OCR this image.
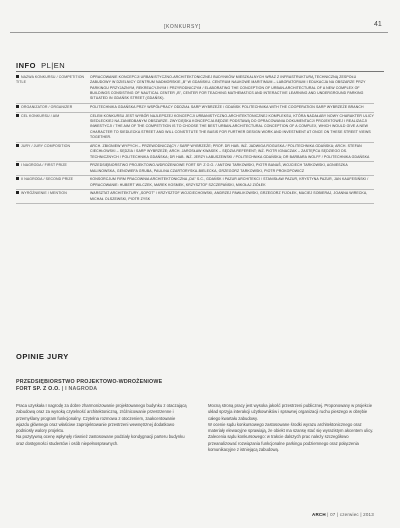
[KONKURSY]	41
INFO PL|EN
NAZWA KONKURSU / COMPETITION TITLE	OPRACOWANIE KONCEPCJI URBANISTYCZNO-ARCHITEKTONICZNEJ BUDYNKÓW MIESZKALNYCH WRAZ Z INFRASTRUKTURĄ TECHNICZNĄ ZESPOŁU ZABUDOWY W DZIELNICY CENTRUM NADMORSKIE „B” W GDAŃSKU. CENTRUM NAUKOWE MARITIMUM – LABORATORIUM I EDUKACJA NA OBSZARZE PRZY PARKINGU PRZYJAZNYM, REKREACYJNYM I PRZYRODNICZYM / ELABORATING THE CONCEPTION OF URBAN-ARCHITECTURAL OF A NEW COMPLEX OF BUILDINGS CONSISTING OF NAUTICAL CENTER „B”, CENTER FOR TEACHING MATHEMATICS AND INTERACTIVE LEARNING AND UNDERGROUND PARKING SITUATED IN GDAŃSK STREET (GDAŃSK).
ORGANIZATOR / ORGANIZER	POLITECHNIKA GDAŃSKA PRZY WSPÓŁPRACY ODDZIAŁ SARP WYBRZEŻE / GDAŃSK POLITECHNIKA WITH THE COOPERATION SARP WYBRZEŻE BRANCH
CEL KONKURSU / AIM	CELEM KONKURSU JEST WYBÓR NAJLEPSZEJ KONCEPCJI URBANISTYCZNO-ARCHITEKTONICZNEJ KOMPLEKSU, KTÓRA NADAŁABY NOWY CHARAKTER ULICY SIEDLECKIEJ NA ZANIEDBANYM OBSZARZE. ZWYCIĘSKA KONCEPCJA BĘDZIE PODSTAWĄ DO OPRACOWANIA DOKUMENTACJI PROJEKTOWEJ I REALIZACJI INWESTYCJI / THE AIM OF THE COMPETITION IS TO CHOOSE THE BEST URBAN-ARCHITECTURAL CONCEPTION OF A COMPLEX, WHICH WOULD GIVE A NEW CHARACTER TO SIEDLECKA STREET AND WILL CONSTITUTE THE BASIS FOR FURTHER DESIGN WORK AND INVESTMENT AT ONCE ON THESE STREET VIEWS TOGETHER.
JURY / JURY COMPOSITION	ARCH. ZBIGNIEW WYPYCH – PRZEWODNICZĄCY / SARP WYBRZEŻE; PROF. DR HAB. INŻ. JADWIGA ROGUSKA / POLITECHNIKA GDAŃSKA; ARCH. STEFAN CIECHŁOWSKI – SĘDZIA / SARP WYBRZEŻE; ARCH. JAROSŁAW KWASEK – SĘDZIA REFERENT; INŻ. PIOTR IGNACZAK – ZASTĘPCA SĘDZIEGO DS. TECHNICZNYCH / POLITECHNIKA GDAŃSKA; DR HAB. INŻ. JERZY ŁABUSZEWSKI / POLITECHNIKA GDAŃSKA; DR BARBARA WOLFF / POLITECHNIKA GDAŃSKA
I NAGRODA / FIRST PRIZE	PRZEDSIĘBIORSTWO PROJEKTOWO-WDROŻENIOWE FORT SP. Z O.O. / ANTONI TARKOWSKI, PIOTR BANAŚ, WOJCIECH TARKOWSKI, AGNIESZKA MALINOWSKA, GENOWEFA GRUBA, PAULINA CZARTORYSKA-BIELECKA, GRZEGORZ TARKOWSKI, PIOTR PROKOPOWICZ
II NAGRODA / SECOND PRIZE	KONSORCJUM FIRM PRACOWNIA ARCHITEKTONICZNA „DA” S.C., GDAŃSK I PAZUR ARCHITEKCI / STANISŁAW PAZUR, KRYSTYNA PAZUR, JAN KAUFESIŃSKI / OPRACOWANIE: HUBERT WILCZEK, MAREK KOSMEK, KRZYSZTOF SZCZEPAŃSKI, MIKOŁAJ ZIÓŁEK
WYRÓŻNIENIE / MENTION	WARSZTAT ARCHITEKTURY „SOPOT” / KRZYSZTOF WOJCIECHOWSKI, ANDRZEJ PAWLIKOWSKI, GRZEGORZ FIJOŁEK, MACIEJ SOBIERAJ, JOANNA WIRECKA, MICHAŁ OLSZEWSKI, PIOTR ZYSK
OPINIE JURY
PRZEDSIĘBIORSTWO PROJEKTOWO-WDROŻENIOWE
FORT SP. Z O.O. | I NAGRODA

Praca uzyskała I nagrodę za dobre zharmonizowanie projektowanego budynku z otaczającą zabudową oraz za wysoką czytelność architektoniczną, zróżnicowanie przestrzenne i przemyślany program funkcjonalny. Czytelna rozmowa z otoczeniem, zaakcentowanie wjazdu głównego oraz właściwe zaprojektowanie przestrzeni wewnętrznej dodatkowo podniosły walory projektu.

Na pozytywną ocenę wpłynęły również zastosowane podziały kondygnacji parteru budynku oraz dostępności studentów i osób niepełnosprawnych.

Mocną stroną pracy jest wysoka jakość przestrzeni publicznej. Proponowany w projekcie układ sprzyja interakcji użytkowników i sprawnej organizacji ruchu pieszego w obrębie całego kwartału zabudowy.

W ocenie sądu konkursowego zastosowane środki wyrazu architektonicznego oraz materiały elewacyjne sprawiają, że obiekt ma szansę stać się wyrazistym akcentem ulicy.

Zalecenia sądu konkursowego: w trakcie dalszych prac należy szczegółowo przeanalizować rozwiązania funkcjonalne parkingu podziemnego oraz połączenia komunikacyjne z istniejącą zabudową.

ARCH | 07 | czerwiec | 2013
